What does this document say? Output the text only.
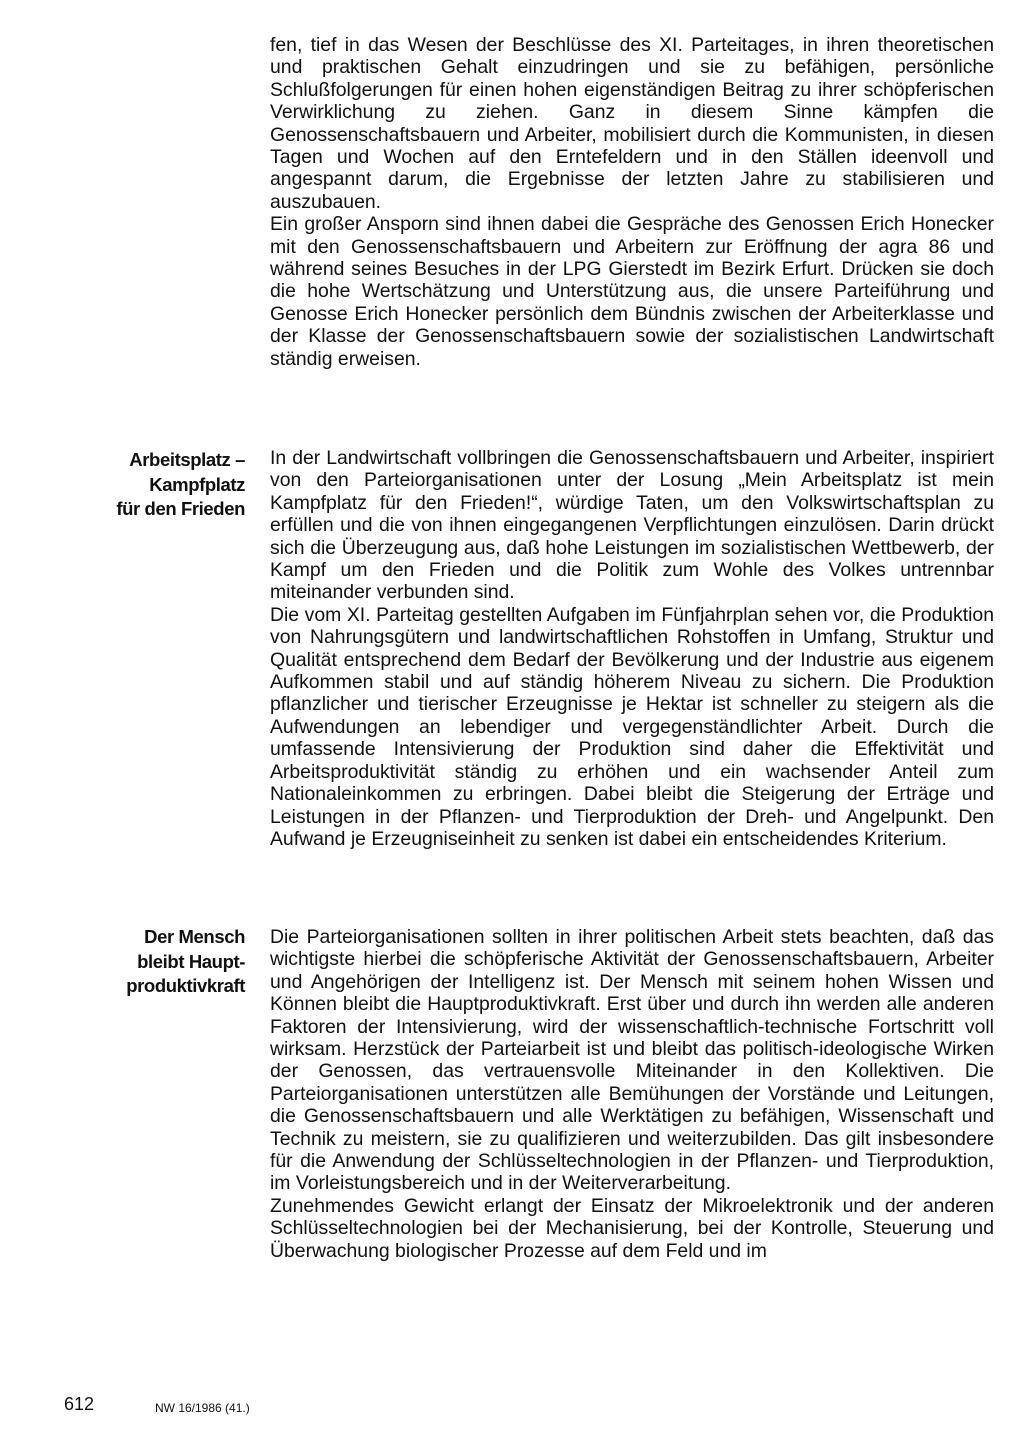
fen, tief in das Wesen der Beschlüsse des XI. Parteitages, in ihren theoretischen und praktischen Gehalt einzudringen und sie zu befähigen, persönliche Schlußfolgerungen für einen hohen eigenständigen Beitrag zu ihrer schöpferischen Verwirklichung zu ziehen. Ganz in diesem Sinne kämpfen die Genossenschaftsbauern und Arbeiter, mobilisiert durch die Kommunisten, in diesen Tagen und Wochen auf den Erntefeldern und in den Ställen ideenvoll und angespannt darum, die Ergebnisse der letzten Jahre zu stabilisieren und auszubauen.

Ein großer Ansporn sind ihnen dabei die Gespräche des Genossen Erich Honecker mit den Genossenschaftsbauern und Arbeitern zur Eröffnung der agra 86 und während seines Besuches in der LPG Gierstedt im Bezirk Erfurt. Drücken sie doch die hohe Wertschätzung und Unterstützung aus, die unsere Parteiführung und Genosse Erich Honecker persönlich dem Bündnis zwischen der Arbeiterklasse und der Klasse der Genossenschaftsbauern sowie der sozialistischen Landwirtschaft ständig erweisen.

Arbeitsplatz –
Kampfplatz
für den Frieden

In der Landwirtschaft vollbringen die Genossenschaftsbauern und Arbeiter, inspiriert von den Parteiorganisationen unter der Losung „Mein Arbeitsplatz ist mein Kampfplatz für den Frieden!“, würdige Taten, um den Volkswirtschaftsplan zu erfüllen und die von ihnen eingegangenen Verpflichtungen einzulösen. Darin drückt sich die Überzeugung aus, daß hohe Leistungen im sozialistischen Wettbewerb, der Kampf um den Frieden und die Politik zum Wohle des Volkes untrennbar miteinander verbunden sind.

Die vom XI. Parteitag gestellten Aufgaben im Fünfjahrplan sehen vor, die Produktion von Nahrungsgütern und landwirtschaftlichen Rohstoffen in Umfang, Struktur und Qualität entsprechend dem Bedarf der Bevölkerung und der Industrie aus eigenem Aufkommen stabil und auf ständig höherem Niveau zu sichern. Die Produktion pflanzlicher und tierischer Erzeugnisse je Hektar ist schneller zu steigern als die Aufwendungen an lebendiger und vergegenständlichter Arbeit. Durch die umfassende Intensivierung der Produktion sind daher die Effektivität und Arbeitsproduktivität ständig zu erhöhen und ein wachsender Anteil zum Nationaleinkommen zu erbringen. Dabei bleibt die Steigerung der Erträge und Leistungen in der Pflanzen- und Tierproduktion der Dreh- und Angelpunkt. Den Aufwand je Erzeugniseinheit zu senken ist dabei ein entscheidendes Kriterium.

Der Mensch
bleibt Haupt-
produktivkraft

Die Parteiorganisationen sollten in ihrer politischen Arbeit stets beachten, daß das wichtigste hierbei die schöpferische Aktivität der Genossenschaftsbauern, Arbeiter und Angehörigen der Intelligenz ist. Der Mensch mit seinem hohen Wissen und Können bleibt die Hauptproduktivkraft. Erst über und durch ihn werden alle anderen Faktoren der Intensivierung, wird der wissenschaftlich-technische Fortschritt voll wirksam. Herzstück der Parteiarbeit ist und bleibt das politisch-ideologische Wirken der Genossen, das vertrauensvolle Miteinander in den Kollektiven. Die Parteiorganisationen unterstützen alle Bemühungen der Vorstände und Leitungen, die Genossenschaftsbauern und alle Werktätigen zu befähigen, Wissenschaft und Technik zu meistern, sie zu qualifizieren und weiterzubilden. Das gilt insbesondere für die Anwendung der Schlüsseltechnologien in der Pflanzen- und Tierproduktion, im Vorleistungsbereich und in der Weiterverarbeitung.

Zunehmendes Gewicht erlangt der Einsatz der Mikroelektronik und der anderen Schlüsseltechnologien bei der Mechanisierung, bei der Kontrolle, Steuerung und Überwachung biologischer Prozesse auf dem Feld und im

612	NW 16/1986 (41.)
